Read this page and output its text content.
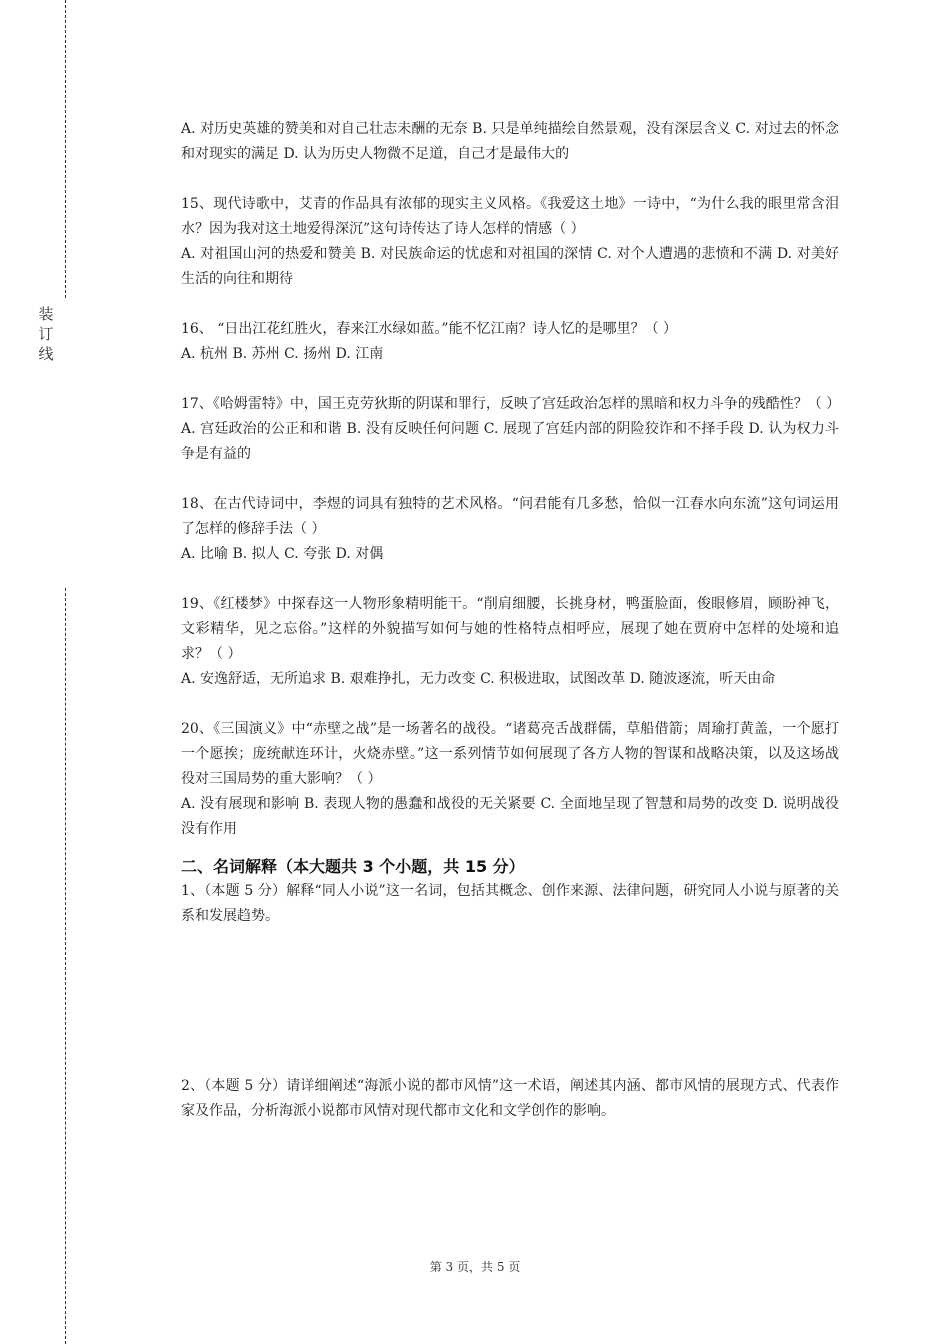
装
订
线
A. 对历史英雄的赞美和对自己壮志未酬的无奈 B. 只是单纯描绘自然景观，没有深层含义 C. 对过去的怀念和对现实的满足 D. 认为历史人物微不足道，自己才是最伟大的
15、现代诗歌中，艾青的作品具有浓郁的现实主义风格。《我爱这土地》一诗中，“为什么我的眼里常含泪水？因为我对这土地爱得深沉”这句诗传达了诗人怎样的情感（ ）
A. 对祖国山河的热爱和赞美 B. 对民族命运的忧虑和对祖国的深情 C. 对个人遭遇的悲愤和不满 D. 对美好生活的向往和期待
16、 “日出江花红胜火，春来江水绿如蓝。”能不忆江南？诗人忆的是哪里？（ ）
A. 杭州 B. 苏州 C. 扬州 D. 江南
17、《哈姆雷特》中，国王克劳狄斯的阴谋和罪行，反映了宫廷政治怎样的黑暗和权力斗争的残酷性？（ ）
A. 宫廷政治的公正和和谐 B. 没有反映任何问题 C. 展现了宫廷内部的阴险狡诈和不择手段 D. 认为权力斗争是有益的
18、在古代诗词中，李煜的词具有独特的艺术风格。“问君能有几多愁，恰似一江春水向东流”这句词运用了怎样的修辞手法（ ）
A. 比喻 B. 拟人 C. 夸张 D. 对偶
19、《红楼梦》中探春这一人物形象精明能干。“削肩细腰，长挑身材，鸭蛋脸面，俊眼修眉，顾盼神飞，文彩精华，见之忘俗。”这样的外貌描写如何与她的性格特点相呼应，展现了她在贾府中怎样的处境和追求？（ ）
A. 安逸舒适，无所追求 B. 艰难挣扎，无力改变 C. 积极进取，试图改革 D. 随波逐流，听天由命
20、《三国演义》中“赤壁之战”是一场著名的战役。“诸葛亮舌战群儒，草船借箭；周瑜打黄盖，一个愿打一个愿挨；庞统献连环计，火烧赤壁。”这一系列情节如何展现了各方人物的智谋和战略决策，以及这场战役对三国局势的重大影响？（ ）
A. 没有展现和影响 B. 表现人物的愚蠢和战役的无关紧要 C. 全面地呈现了智慧和局势的改变 D. 说明战役没有作用
二、名词解释（本大题共 3 个小题，共 15 分）
1、（本题 5 分）解释“同人小说”这一名词，包括其概念、创作来源、法律问题，研究同人小说与原著的关系和发展趋势。
2、（本题 5 分）请详细阐述“海派小说的都市风情”这一术语，阐述其内涵、都市风情的展现方式、代表作家及作品，分析海派小说都市风情对现代都市文化和文学创作的影响。
第 3 页，共 5 页
